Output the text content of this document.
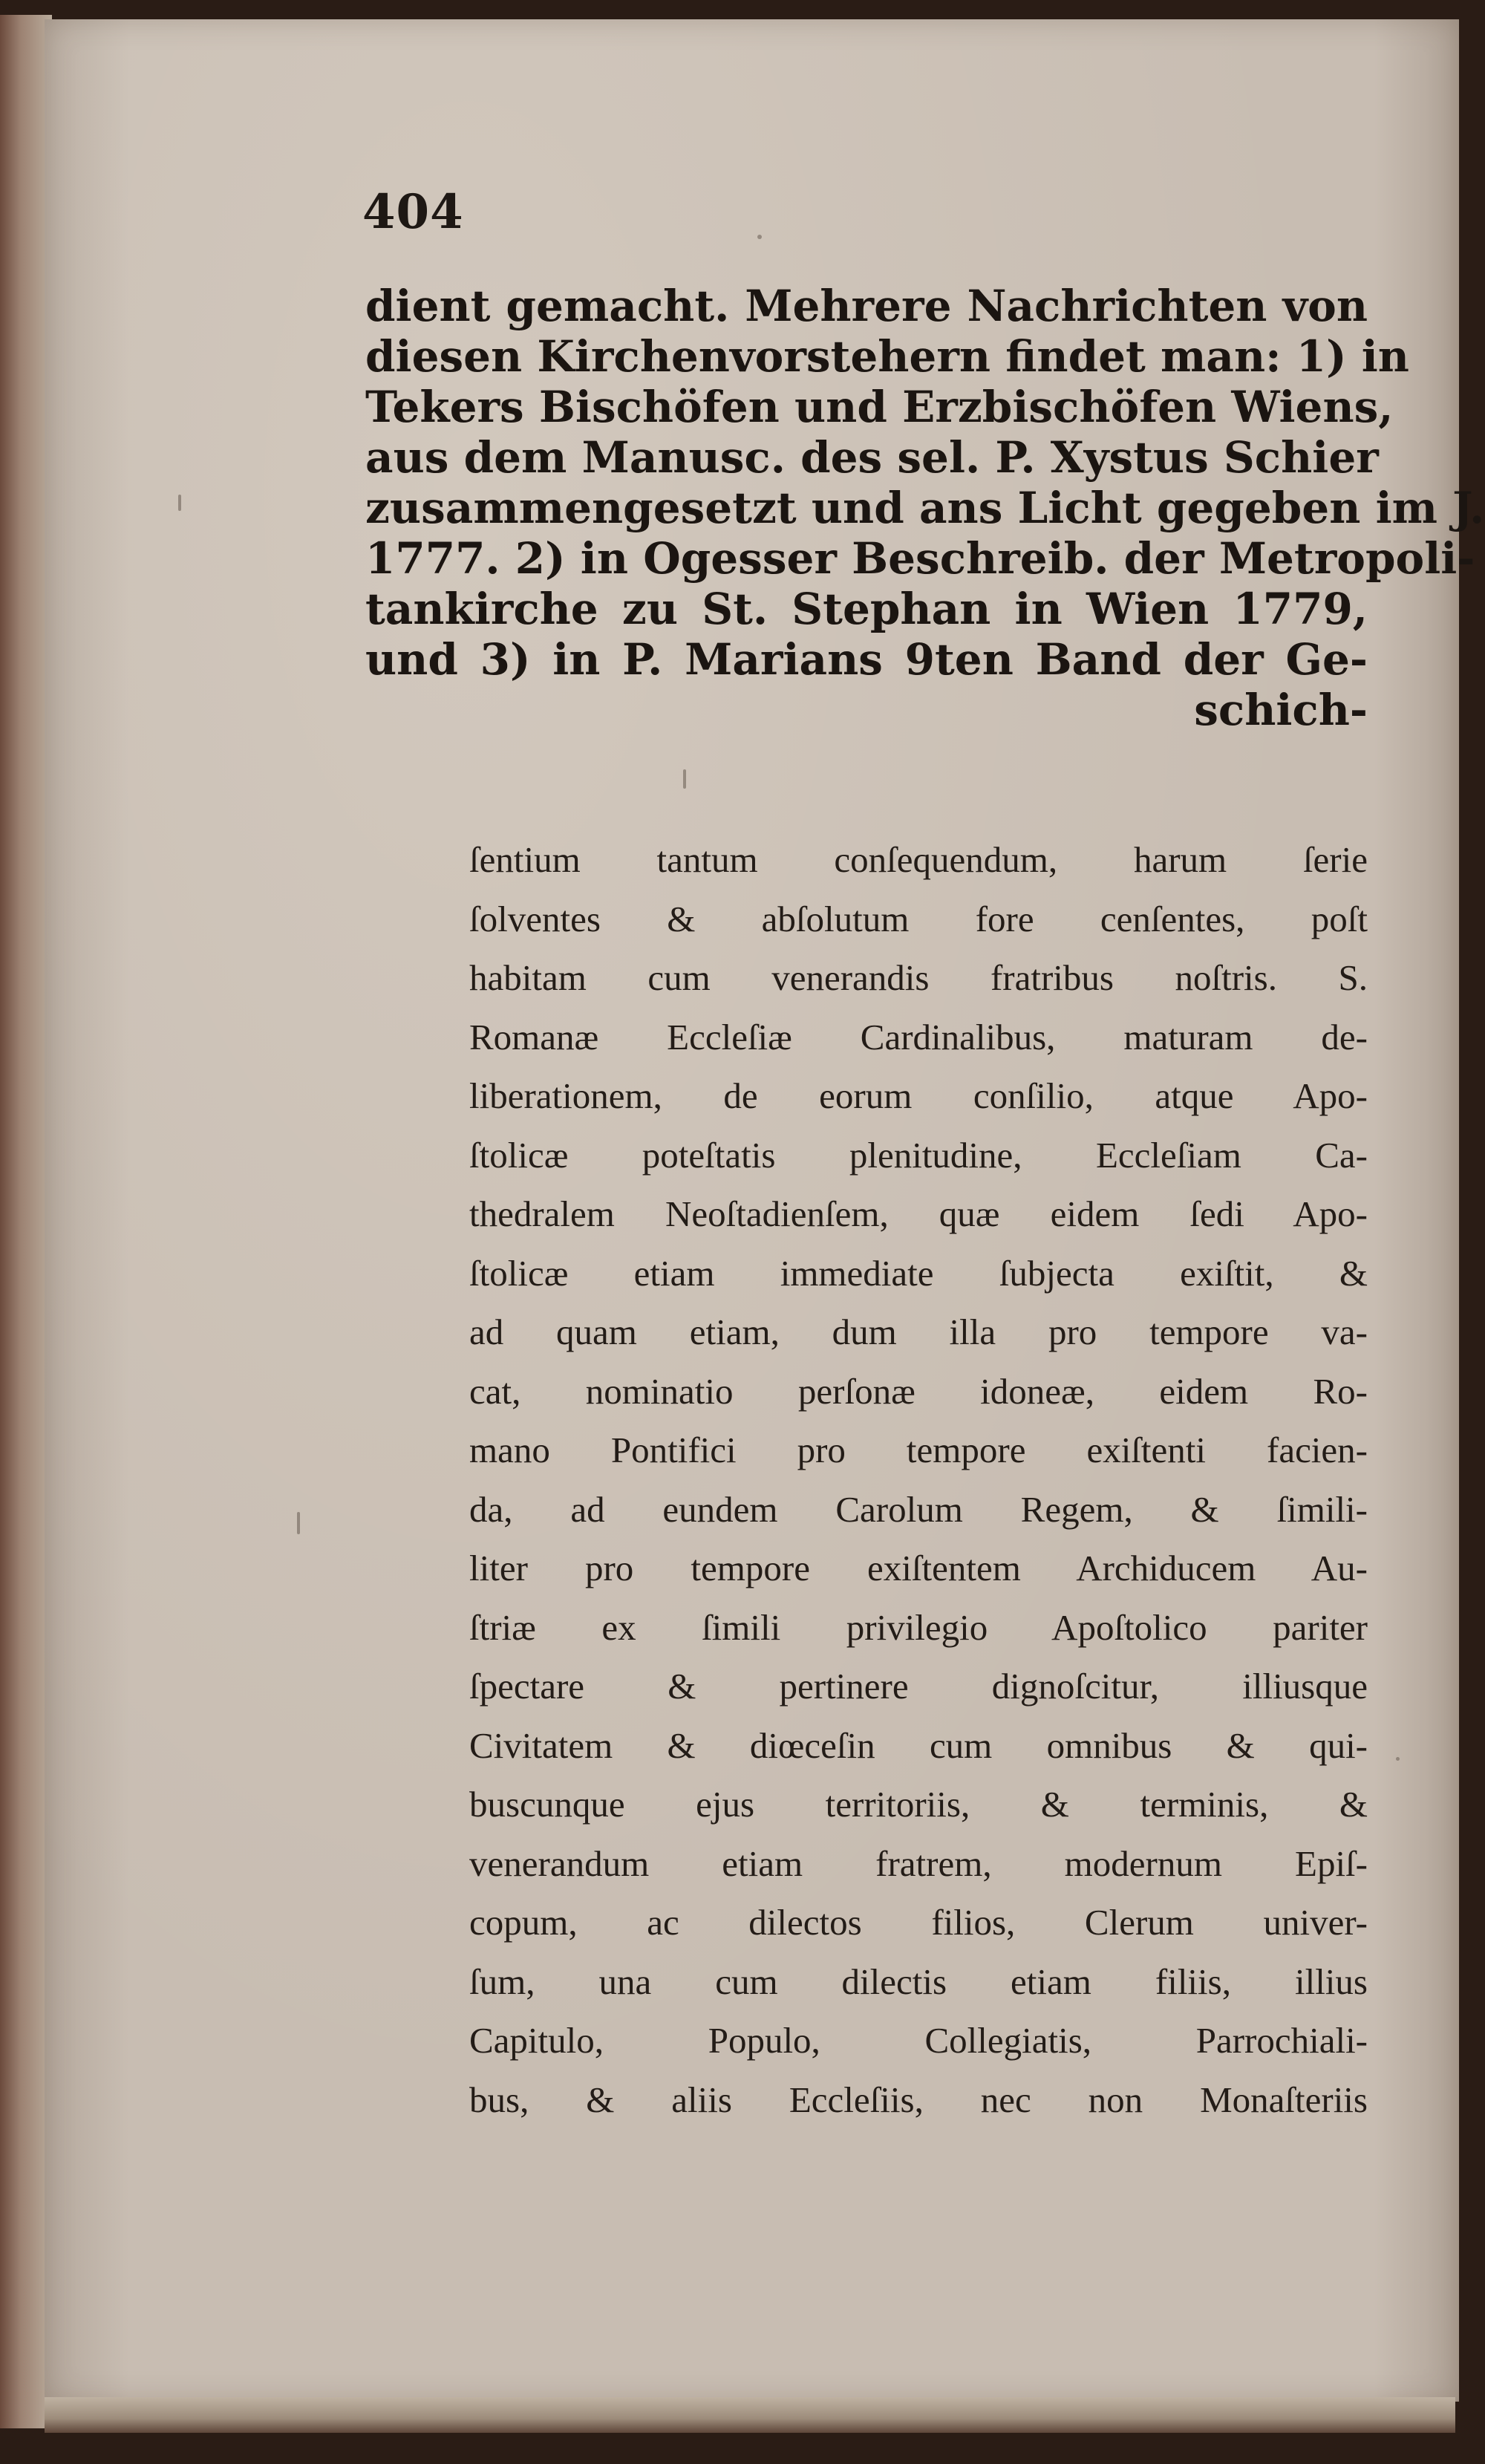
404
dient gemacht. Mehrere Nachrichten von
diesen Kirchenvorstehern findet man: 1) in
Tekers Bischöfen und Erzbischöfen Wiens,
aus dem Manusc. des sel. P. Xystus Schier
zusammengesetzt und ans Licht gegeben im J.
1777. 2) in Ogesser Beschreib. der Metropoli-
tankirche zu St. Stephan in Wien 1779,
und 3) in P. Marians 9ten Band der Ge-
schich-
ſentium tantum conſequendum, harum ſerie
ſolventes & abſolutum fore cenſentes, poſt
habitam cum venerandis fratribus noſtris. S.
Romanæ Eccleſiæ Cardinalibus, maturam de-
liberationem, de eorum conſilio, atque Apo-
ſtolicæ poteſtatis plenitudine, Eccleſiam Ca-
thedralem Neoſtadienſem, quæ eidem ſedi Apo-
ſtolicæ etiam immediate ſubjecta exiſtit, &
ad quam etiam, dum illa pro tempore va-
cat, nominatio perſonæ idoneæ, eidem Ro-
mano Pontifici pro tempore exiſtenti facien-
da, ad eundem Carolum Regem, & ſimili-
liter pro tempore exiſtentem Archiducem Au-
ſtriæ ex ſimili privilegio Apoſtolico pariter
ſpectare & pertinere dignoſcitur, illiusque
Civitatem & diœceſin cum omnibus & qui-
buscunque ejus territoriis, & terminis, &
venerandum etiam fratrem, modernum Epiſ-
copum, ac dilectos filios, Clerum univer-
ſum, una cum dilectis etiam filiis, illius
Capitulo, Populo, Collegiatis, Parrochiali-
bus, & aliis Eccleſiis, nec non Monaſteriis
